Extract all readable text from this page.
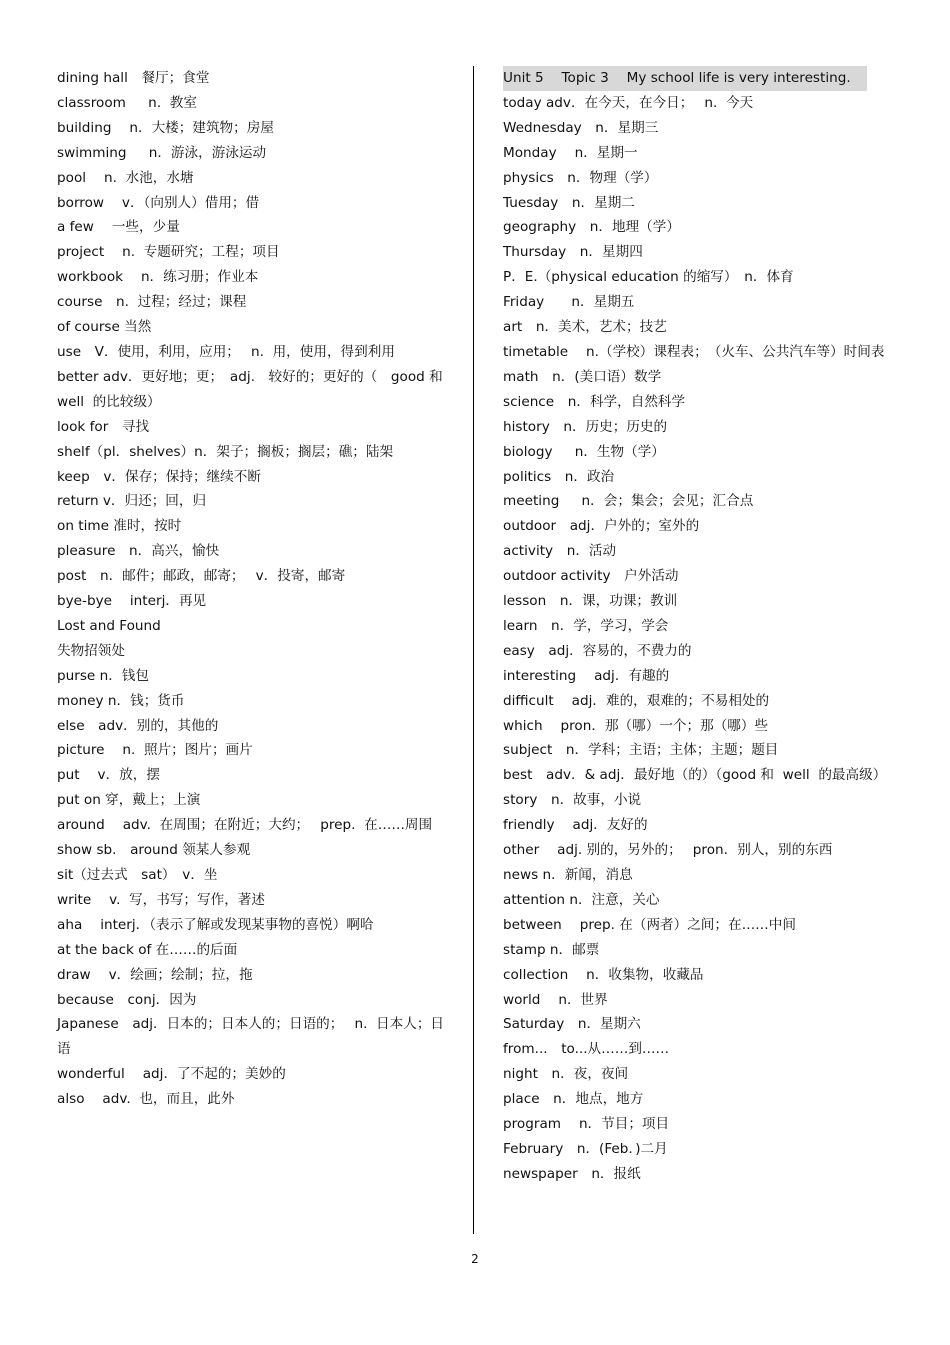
dining hall　餐厅；食堂
classroom　  n.  教室
building　 n．大楼；建筑物；房屋
swimming　  n．游泳，游泳运动
pool　 n.  水池，水塘
borrow　 v．（向别人）借用；借
a few　 一些，少量
project　 n.  专题研究；工程；项目
workbook　 n．练习册；作业本
course　n.  过程；经过；课程
of course 当然
use　V．使用，利用，应用；　 n.  用，使用，得到利用
better adv．更好地；更；　adj.　较好的；更好的（　good 和  well  的比较级）
look for　寻找
shelf（pl．shelves）n．架子；搁板；搁层；礁；陆架
keep　v．保存；保持；继续不断
return v．归还；回，归
on time 准时，按时
pleasure　n．高兴，愉快
post　n．邮件；邮政，邮寄；　 v．投寄，邮寄
bye-bye　 interj．再见
Lost and Found
失物招领处
purse n．钱包
money n．钱；货币
else　adv．别的，其他的
picture　 n.  照片；图片；画片
put　 v．放，摆
put on 穿，戴上；上演
around　 adv.  在周围；在附近；大约；　 prep.  在……周围
show sb.　around 领某人参观
sit（过去式　sat）　v．坐
write　 v.  写，书写；写作，著述
aha　 interj．（表示了解或发现某事物的喜悦）啊哈
at the back of 在……的后面
draw　 v．绘画；绘制；拉，拖
because　conj．因为
Japanese　adj．日本的；日本人的；日语的；　 n.  日本人；日语
wonderful　 adj．了不起的；美妙的
also　 adv.  也，而且，此外
Unit 5　 Topic 3　 My school life is very interesting.
today adv．在今天，在今日；　 n.  今天
Wednesday　n．星期三
Monday　 n．星期一
physics　n．物理（学）
Tuesday　n．星期二
geography　n．地理（学）
Thursday　n．星期四
P．E.（physical education 的缩写）　n．体育
Friday　　n．星期五
art　n．美术，艺术；技艺
timetable　 n.（学校）课程表；　（火车、公共汽车等）时间表
math　n．(美口语）数学
science　n．科学，自然科学
history　n．历史；历史的
biology　  n．生物（学）
politics　n．政治
meeting　  n．会；集会；会见；汇合点
outdoor　adj．户外的；室外的
activity　n．活动
outdoor activity　户外活动
lesson　n．课，功课；教训
learn　n．学，学习，学会
easy　adj．容易的，不费力的
interesting　 adj．有趣的
difficult　 adj．难的，艰难的；不易相处的
which　 pron．那（哪）一个；那（哪）些
subject　n．学科；主语；主体；主题；题目
best　adv．& adj．最好地（的）（good 和  well  的最高级）
story　n．故事，小说
friendly　 adj．友好的
other　 adj. 别的，另外的；　 pron．别人，别的东西
news n．新闻，消息
attention n．注意，关心
between　 prep. 在（两者）之间；在……中间
stamp n．邮票
collection　 n．收集物，收藏品
world　 n．世界
Saturday　n．星期六
from...　to...从……到……
night　n．夜，夜间
place　n．地点，地方
program　 n．节目；项目
February　n．(Feb．)二月
newspaper　n．报纸
2
